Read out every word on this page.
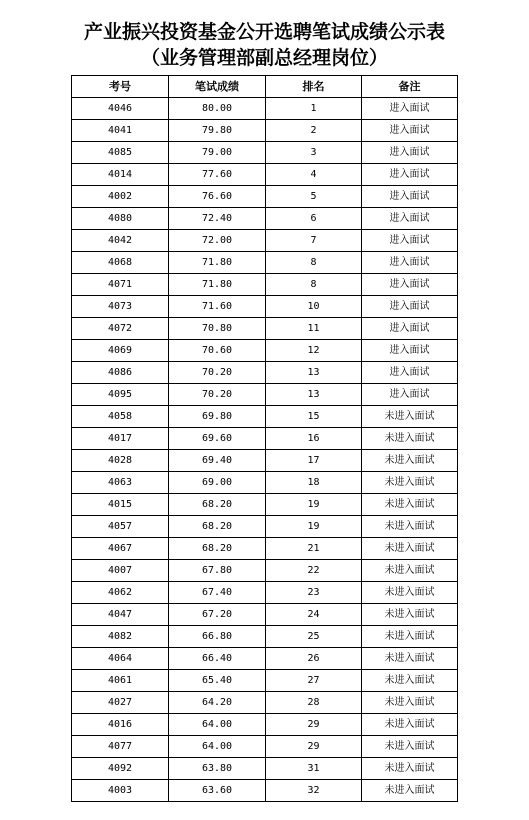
产业振兴投资基金公开选聘笔试成绩公示表
（业务管理部副总经理岗位）
考号	笔试成绩	排名	备注
4046	80.00	1	进入面试
4041	79.80	2	进入面试
4085	79.00	3	进入面试
4014	77.60	4	进入面试
4002	76.60	5	进入面试
4080	72.40	6	进入面试
4042	72.00	7	进入面试
4068	71.80	8	进入面试
4071	71.80	8	进入面试
4073	71.60	10	进入面试
4072	70.80	11	进入面试
4069	70.60	12	进入面试
4086	70.20	13	进入面试
4095	70.20	13	进入面试
4058	69.80	15	未进入面试
4017	69.60	16	未进入面试
4028	69.40	17	未进入面试
4063	69.00	18	未进入面试
4015	68.20	19	未进入面试
4057	68.20	19	未进入面试
4067	68.20	21	未进入面试
4007	67.80	22	未进入面试
4062	67.40	23	未进入面试
4047	67.20	24	未进入面试
4082	66.80	25	未进入面试
4064	66.40	26	未进入面试
4061	65.40	27	未进入面试
4027	64.20	28	未进入面试
4016	64.00	29	未进入面试
4077	64.00	29	未进入面试
4092	63.80	31	未进入面试
4003	63.60	32	未进入面试
